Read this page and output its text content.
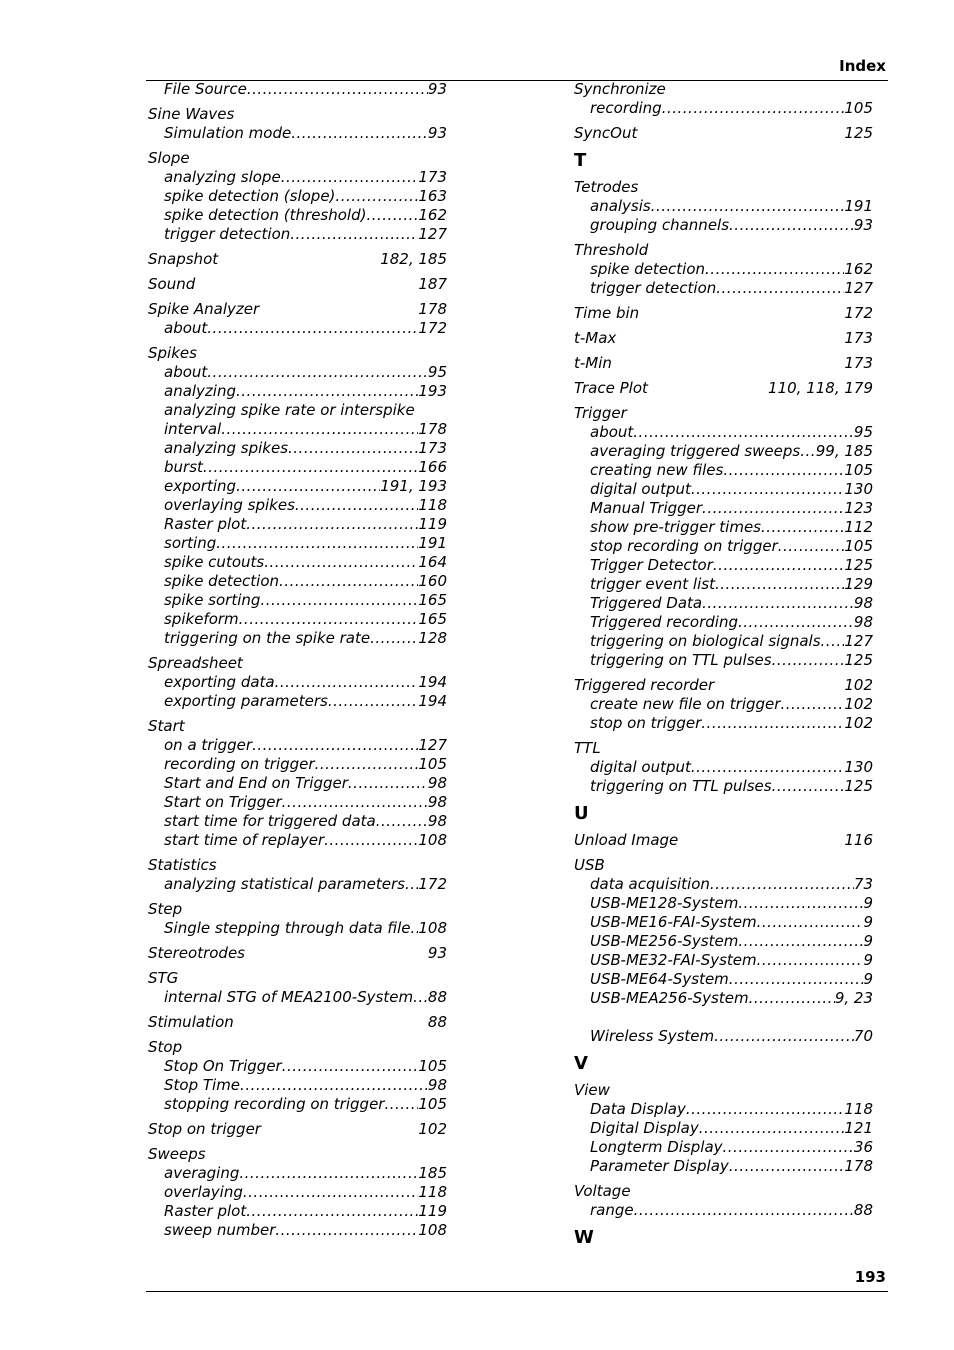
Index
File Source .....	93
Sine Waves
Simulation mode .....	93
Slope
analyzing slope .....	173
spike detection (slope) .....	163
spike detection (threshold) .....	162
trigger detection .....	127
Snapshot	182, 185
Sound	187
Spike Analyzer	178
about .....	172
Spikes
about .....	95
analyzing .....	193
analyzing spike rate or interspike
interval .....	178
analyzing spikes .....	173
burst .....	166
exporting .....	191, 193
overlaying spikes .....	118
Raster plot .....	119
sorting .....	191
spike cutouts .....	164
spike detection .....	160
spike sorting .....	165
spikeform .....	165
triggering on the spike rate .....	128
Spreadsheet
exporting data .....	194
exporting parameters .....	194
Start
on a trigger .....	127
recording on trigger .....	105
Start and End on Trigger .....	98
Start on Trigger .....	98
start time for triggered data .....	98
start time of replayer .....	108
Statistics
analyzing statistical parameters ..... 172
Step
Single stepping through data file ..... 108
Stereotrodes	93
STG
internal STG of MEA2100-System ..... 88
Stimulation	88
Stop
Stop On Trigger .....	105
Stop Time .....	98
stopping recording on trigger ..... 105
Stop on trigger	102
Sweeps
averaging .....	185
overlaying .....	118
Raster plot .....	119
sweep number .....	108
Synchronize
recording .....	105
SyncOut	125
T
Tetrodes
analysis .....	191
grouping channels .....	93
Threshold
spike detection .....	162
trigger detection .....	127
Time bin	172
t-Max	173
t-Min	173
Trace Plot	110, 118, 179
Trigger
about .....	95
averaging triggered sweeps ..... 99, 185
creating new files .....	105
digital output .....	130
Manual Trigger .....	123
show pre-trigger times .....	112
stop recording on trigger .....	105
Trigger Detector .....	125
trigger event list .....	129
Triggered Data .....	98
Triggered recording .....	98
triggering on biological signals ..... 127
triggering on TTL pulses .....	125
Triggered recorder	102
create new file on trigger .....	102
stop on trigger .....	102
TTL
digital output .....	130
triggering on TTL pulses .....	125
U
Unload Image	116
USB
data acquisition .....	73
USB-ME128-System .....	9
USB-ME16-FAI-System .....	9
USB-ME256-System .....	9
USB-ME32-FAI-System .....	9
USB-ME64-System .....	9
USB-MEA256-System .....	9, 23
Wireless System .....	70
V
View
Data Display .....	118
Digital Display .....	121
Longterm Display .....	36
Parameter Display .....	178
Voltage
range .....	88
W
193
